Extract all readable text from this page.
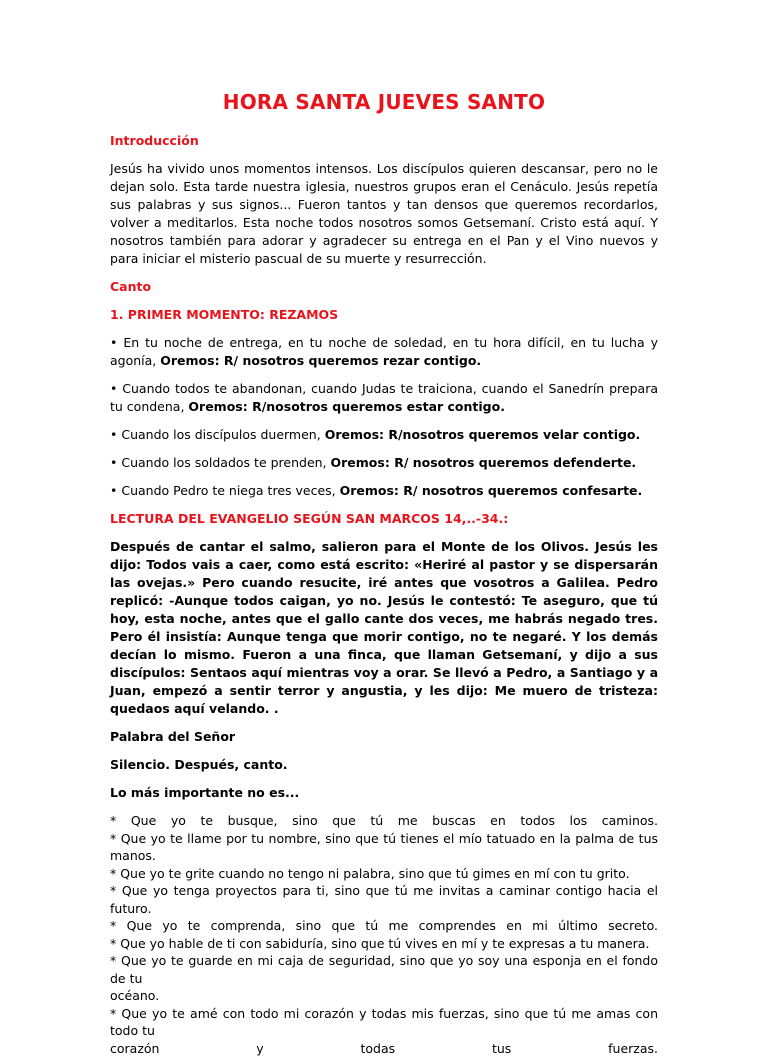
HORA SANTA JUEVES SANTO
Introducción

Jesús ha vivido unos momentos intensos. Los discípulos quieren descansar, pero no le dejan solo. Esta tarde nuestra iglesia, nuestros grupos eran el Cenáculo. Jesús repetía sus palabras y sus signos... Fueron tantos y tan densos que queremos recordarlos, volver a meditarlos. Esta noche todos nosotros somos Getsemaní. Cristo está aquí. Y nosotros también para adorar y agradecer su entrega en el Pan y el Vino nuevos y para iniciar el misterio pascual de su muerte y resurrección.

Canto
1. PRIMER MOMENTO: REZAMOS

• En tu noche de entrega, en tu noche de soledad, en tu hora difícil, en tu lucha y agonía, Oremos: R/ nosotros queremos rezar contigo.

• Cuando todos te abandonan, cuando Judas te traiciona, cuando el Sanedrín prepara tu condena, Oremos: R/nosotros queremos estar contigo.

• Cuando los discípulos duermen, Oremos: R/nosotros queremos velar contigo.

• Cuando los soldados te prenden, Oremos: R/ nosotros queremos defenderte.

• Cuando Pedro te niega tres veces, Oremos: R/ nosotros queremos confesarte.

LECTURA DEL EVANGELIO SEGÚN SAN MARCOS 14,..-34.:
Después de cantar el salmo, salieron para el Monte de los Olivos. Jesús les dijo: Todos vais a caer, como está escrito: «Heriré al pastor y se dispersarán las ovejas.» Pero cuando resucite, iré antes que vosotros a Galilea. Pedro replicó: -Aunque todos caigan, yo no. Jesús le contestó: Te aseguro, que tú hoy, esta noche, antes que el gallo cante dos veces, me habrás negado tres. Pero él insistía: Aunque tenga que morir contigo, no te negaré. Y los demás decían lo mismo. Fueron a una finca, que llaman Getsemaní, y dijo a sus discípulos: Sentaos aquí mientras voy a orar. Se llevó a Pedro, a Santiago y a Juan, empezó a sentir terror y angustia, y les dijo: Me muero de tristeza: quedaos aquí velando. .
Palabra del Señor
Silencio. Después, canto.
Lo más importante no es...
* Que yo te busque, sino que tú me buscas en todos los caminos.
* Que yo te llame por tu nombre, sino que tú tienes el mío tatuado en la palma de tus manos.
* Que yo te grite cuando no tengo ni palabra, sino que tú gimes en mí con tu grito.
* Que yo tenga proyectos para ti, sino que tú me invitas a caminar contigo hacia el futuro.
* Que yo te comprenda, sino que tú me comprendes en mi último secreto.
* Que yo hable de ti con sabiduría, sino que tú vives en mí y te expresas a tu manera.
* Que yo te guarde en mi caja de seguridad, sino que yo soy una esponja en el fondo de tu
océano.
* Que yo te amé con todo mi corazón y todas mis fuerzas, sino que tú me amas con todo tu
corazón y todas tus fuerzas.
